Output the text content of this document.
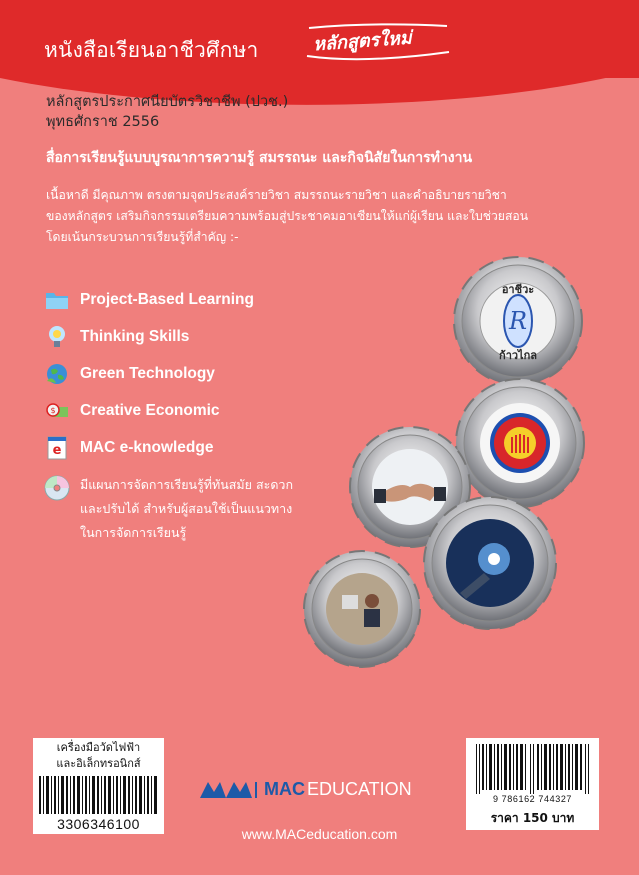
หนังสือเรียนอาชีวศึกษา	หลักสูตรใหม่
หลักสูตรประกาศนียบัตรวิชาชีพ (ปวช.)
พุทธศักราช 2556
สื่อการเรียนรู้แบบบูรณาการความรู้ สมรรถนะ และกิจนิสัยในการทำงาน
เนื้อหาดี มีคุณภาพ ตรงตามจุดประสงค์รายวิชา สมรรถนะรายวิชา และคำอธิบายรายวิชา
ของหลักสูตร เสริมกิจกรรมเตรียมความพร้อมสู่ประชาคมอาเซียนให้แก่ผู้เรียน และใบช่วยสอน
โดยเน้นกระบวนการเรียนรู้ที่สำคัญ :-
Project-Based Learning
Thinking Skills
Green Technology
$ Creative Economic
e MAC e-knowledge
มีแผนการจัดการเรียนรู้ที่ทันสมัย สะดวก
และปรับได้ สำหรับผู้สอนใช้เป็นแนวทาง
ในการจัดการเรียนรู้
R
อาชีวะ
ก้าวไกล
เครื่องมือวัดไฟฟ้า
และอิเล็กทรอนิกส์
3306346100
9 786162 744327
ราคา 150 บาท
MAC EDUCATION
www.MACeducation.com
